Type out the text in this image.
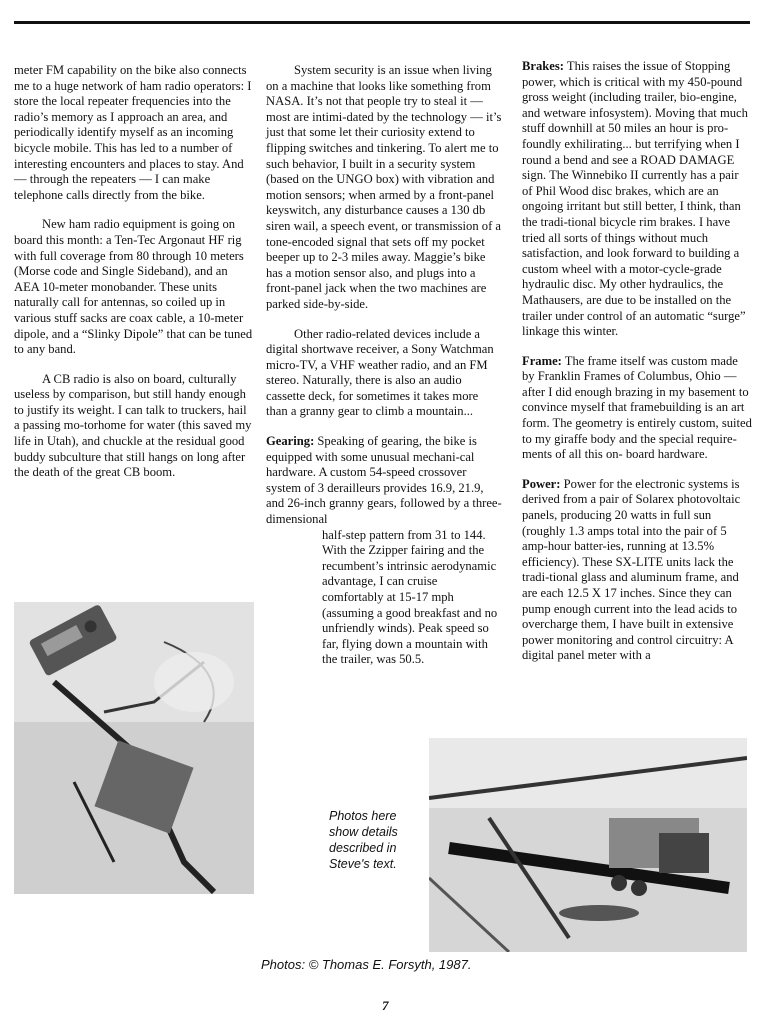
meter FM capability on the bike also connects me to a huge network of ham radio operators: I store the local repeater frequencies into the radio’s memory as I approach an area, and periodically identify myself as an incoming bicycle mobile. This has led to a number of interesting encounters and places to stay. And — through the repeaters — I can make telephone calls directly from the bike.

New ham radio equipment is going on board this month: a Ten-Tec Argonaut HF rig with full coverage from 80 through 10 meters (Morse code and Single Sideband), and an AEA 10-meter monobander. These units naturally call for antennas, so coiled up in various stuff sacks are coax cable, a 10-meter dipole, and a “Slinky Dipole” that can be tuned to any band.

A CB radio is also on board, culturally useless by comparison, but still handy enough to justify its weight. I can talk to truckers, hail a passing mo-torhome for water (this saved my life in Utah), and chuckle at the residual good buddy subculture that still hangs on long after the death of the great CB boom.

System security is an issue when living on a machine that looks like something from NASA. It’s not that people try to steal it — most are intimi-dated by the technology — it’s just that some let their curiosity extend to flipping switches and tinkering. To alert me to such behavior, I built in a security system (based on the UNGO box) with vibration and motion sensors; when armed by a front-panel keyswitch, any disturbance causes a 130 db siren wail, a speech event, or transmission of a tone-encoded signal that sets off my pocket beeper up to 2-3 miles away. Maggie’s bike has a motion sensor also, and plugs into a front-panel jack when the two machines are parked side-by-side.

Other radio-related devices include a digital shortwave receiver, a Sony Watchman micro-TV, a VHF weather radio, and an FM stereo. Naturally, there is also an audio cassette deck, for sometimes it takes more than a granny gear to climb a mountain...

Gearing: Speaking of gearing, the bike is equipped with some unusual mechani-cal hardware. A custom 54-speed crossover system of 3 derailleurs provides 16.9, 21.9, and 26-inch granny gears, followed by a three-dimensional

half-step pattern from 31 to 144. With the Zzipper fairing and the recumbent’s intrinsic aerodynamic advantage, I can cruise comfortably at 15-17 mph (assuming a good breakfast and no unfriendly winds). Peak speed so far, flying down a mountain with the trailer, was 50.5.

Brakes: This raises the issue of Stopping power, which is critical with my 450-pound gross weight (including trailer, bio-engine, and wetware infosystem). Moving that much stuff downhill at 50 miles an hour is pro-foundly exhilirating... but terrifying when I round a bend and see a ROAD DAMAGE sign. The Winnebiko II currently has a pair of Phil Wood disc brakes, which are an ongoing irritant but still better, I think, than the tradi-tional bicycle rim brakes. I have tried all sorts of things without much satisfaction, and look forward to building a custom wheel with a motor-cycle-grade hydraulic disc. My other hydraulics, the Mathausers, are due to be installed on the trailer under control of an automatic “surge” linkage this winter.

Frame: The frame itself was custom made by Franklin Frames of Columbus, Ohio — after I did enough brazing in my basement to convince myself that framebuilding is an art form. The geometry is entirely custom, suited to my giraffe body and the special require-ments of all this on- board hardware.

Power: Power for the electronic systems is derived from a pair of Solarex photovoltaic panels, producing 20 watts in full sun (roughly 1.3 amps total into the pair of 5 amp-hour batter-ies, running at 13.5% efficiency). These SX-LITE units lack the tradi-tional glass and aluminum frame, and are each 12.5 X 17 inches. Since they can pump enough current into the lead acids to overcharge them, I have built in extensive power monitoring and control circuitry: A digital panel meter with a

Photos here show details described in Steve's text.
Photos: © Thomas E. Forsyth, 1987.
7
